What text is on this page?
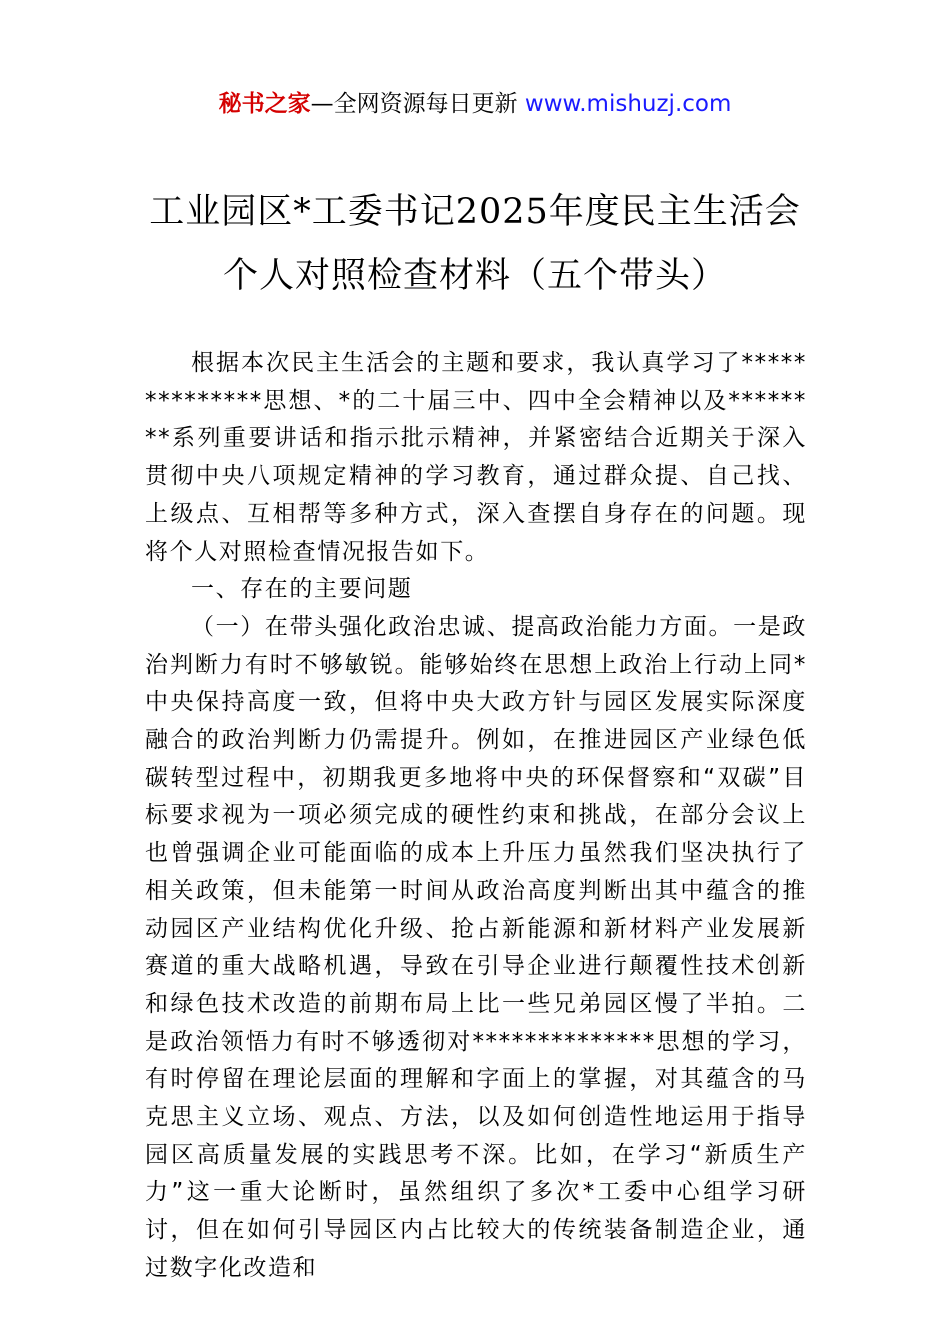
秘书之家—全网资源每日更新 www.mishuzj.com
工业园区*工委书记2025年度民主生活会
个人对照检查材料（五个带头）

根据本次民主生活会的主题和要求，我认真学习了**************思想、*的二十届三中、四中全会精神以及********系列重要讲话和指示批示精神，并紧密结合近期关于深入贯彻中央八项规定精神的学习教育，通过群众提、自己找、上级点、互相帮等多种方式，深入查摆自身存在的问题。现将个人对照检查情况报告如下。

一、存在的主要问题

（一）在带头强化政治忠诚、提高政治能力方面。一是政治判断力有时不够敏锐。能够始终在思想上政治上行动上同*中央保持高度一致，但将中央大政方针与园区发展实际深度融合的政治判断力仍需提升。例如，在推进园区产业绿色低碳转型过程中，初期我更多地将中央的环保督察和“双碳”目标要求视为一项必须完成的硬性约束和挑战，在部分会议上也曾强调企业可能面临的成本上升压力虽然我们坚决执行了相关政策，但未能第一时间从政治高度判断出其中蕴含的推动园区产业结构优化升级、抢占新能源和新材料产业发展新赛道的重大战略机遇，导致在引导企业进行颠覆性技术创新和绿色技术改造的前期布局上比一些兄弟园区慢了半拍。二是政治领悟力有时不够透彻对**************思想的学习，有时停留在理论层面的理解和字面上的掌握，对其蕴含的马克思主义立场、观点、方法，以及如何创造性地运用于指导园区高质量发展的实践思考不深。比如，在学习“新质生产力”这一重大论断时，虽然组织了多次*工委中心组学习研讨，但在如何引导园区内占比较大的传统装备制造企业，通过数字化改造和
